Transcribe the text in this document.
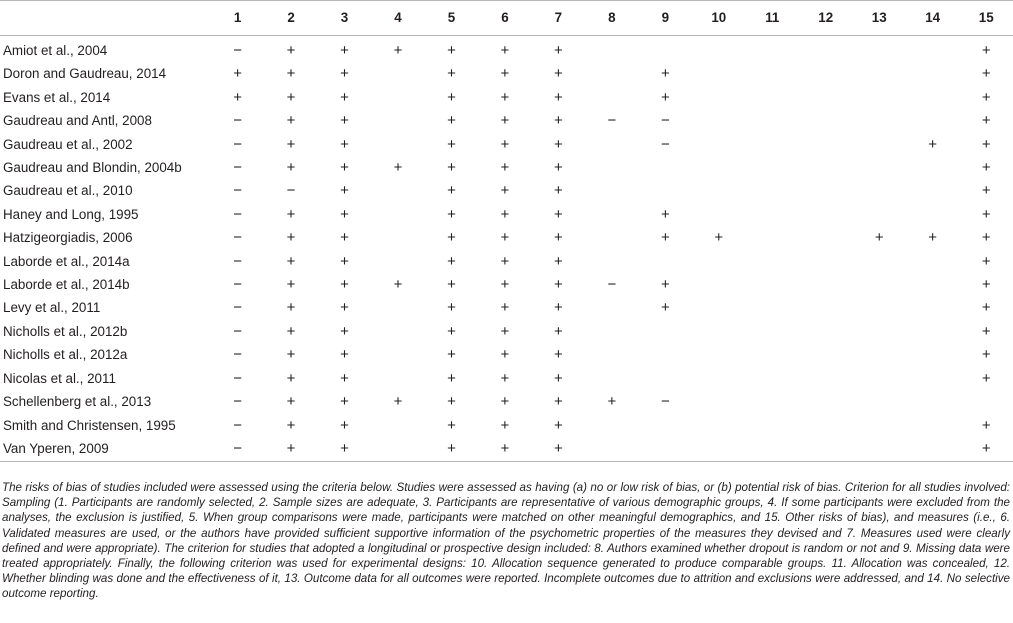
	1	2	3	4	5	6	7	8	9	10	11	12	13	14	15
Amiot et al., 2004	−	+	+	+	+	+	+								+
Doron and Gaudreau, 2014	+	+	+		+	+	+		+						+
Evans et al., 2014	+	+	+		+	+	+		+						+
Gaudreau and Antl, 2008	−	+	+		+	+	+	−	−						+
Gaudreau et al., 2002	−	+	+		+	+	+		−					+	+
Gaudreau and Blondin, 2004b	−	+	+	+	+	+	+								+
Gaudreau et al., 2010	−	−	+		+	+	+								+
Haney and Long, 1995	−	+	+		+	+	+		+						+
Hatzigeorgiadis, 2006	−	+	+		+	+	+		+	+			+	+	+
Laborde et al., 2014a	−	+	+		+	+	+								+
Laborde et al., 2014b	−	+	+	+	+	+	+	−	+						+
Levy et al., 2011	−	+	+		+	+	+		+						+
Nicholls et al., 2012b	−	+	+		+	+	+								+
Nicholls et al., 2012a	−	+	+		+	+	+								+
Nicolas et al., 2011	−	+	+		+	+	+								+
Schellenberg et al., 2013	−	+	+	+	+	+	+	+	−						
Smith and Christensen, 1995	−	+	+		+	+	+								+
Van Yperen, 2009	−	+	+		+	+	+								+
The risks of bias of studies included were assessed using the criteria below. Studies were assessed as having (a) no or low risk of bias, or (b) potential risk of bias. Criterion for all studies involved: Sampling (1. Participants are randomly selected, 2. Sample sizes are adequate, 3. Participants are representative of various demographic groups, 4. If some participants were excluded from the analyses, the exclusion is justified, 5. When group comparisons were made, participants were matched on other meaningful demographics, and 15. Other risks of bias), and measures (i.e., 6. Validated measures are used, or the authors have provided sufficient supportive information of the psychometric properties of the measures they devised and 7. Measures used were clearly defined and were appropriate). The criterion for studies that adopted a longitudinal or prospective design included: 8. Authors examined whether dropout is random or not and 9. Missing data were treated appropriately. Finally, the following criterion was used for experimental designs: 10. Allocation sequence generated to produce comparable groups. 11. Allocation was concealed, 12. Whether blinding was done and the effectiveness of it, 13. Outcome data for all outcomes were reported. Incomplete outcomes due to attrition and exclusions were addressed, and 14. No selective outcome reporting.
